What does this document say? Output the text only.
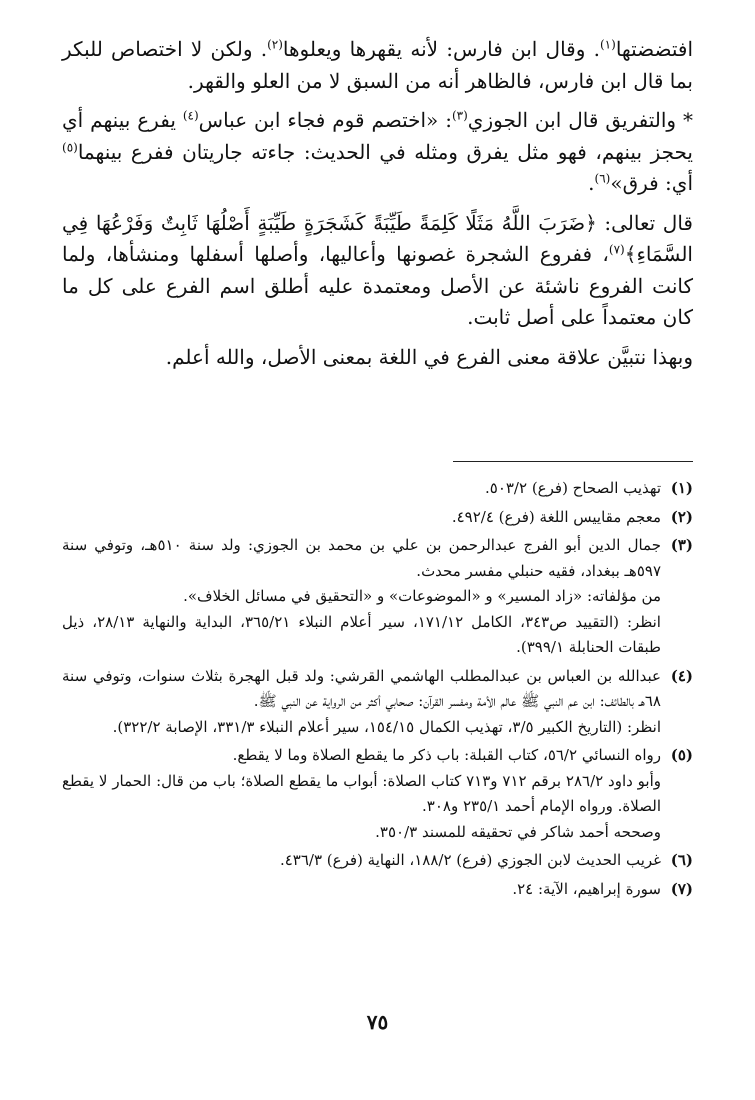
افتضضتها$^{(١)}$. وقال ابن فارس: لأنه يقهرها ويعلوها$^{(٢)}$. ولكن لا اختصاص للبكر بما قال ابن فارس، فالظاهر أنه من السبق لا من العلو والقهر.

* والتفريق قال ابن الجوزي$^{(٣)}$: «اختصم قوم فجاء ابن عباس$^{(٤)}$ يفرع بينهم أي يحجز بينهم، فهو مثل يفرق ومثله في الحديث: جاءته جاريتان ففرع بينهما$^{(٥)}$ أي: فرق»$^{(٦)}$.

قال تعالى: ﴿ضَرَبَ اللَّهُ مَثَلًا كَلِمَةً طَيِّبَةً كَشَجَرَةٍ طَيِّبَةٍ أَصْلُهَا ثَابِتٌ وَفَرْعُهَا فِي السَّمَاءِ﴾$^{(٧)}$، ففروع الشجرة غصونها وأعاليها، وأصلها أسفلها ومنشأها، ولما كانت الفروع ناشئة عن الأصل ومعتمدة عليه أطلق اسم الفرع على كل ما كان معتمداً على أصل ثابت.

وبهذا نتبيَّن علاقة معنى الفرع في اللغة بمعنى الأصل، والله أعلم.

(١)
تهذيب الصحاح (فرع) ٥٠٣/٢.
(٢)
معجم مقاييس اللغة (فرع) ٤٩٢/٤.
(٣)
جمال الدين أبو الفرج عبدالرحمن بن علي بن محمد بن الجوزي: ولد سنة ٥١٠هـ، وتوفي سنة ٥٩٧هـ ببغداد، فقيه حنبلي مفسر محدث.
من مؤلفاته: «زاد المسير» و «الموضوعات» و «التحقيق في مسائل الخلاف».
انظر: (التقييد ص٣٤٣، الكامل ١٧١/١٢، سير أعلام النبلاء ٣٦٥/٢١، البداية والنهاية ٢٨/١٣، ذيل طبقات الحنابلة ٣٩٩/١).
(٤)
عبدالله بن العباس بن عبدالمطلب الهاشمي القرشي: ولد قبل الهجرة بثلاث سنوات، وتوفي سنة ٦٨هـ بالطائف: ابن عم النبي ﷺ عالم الأمة ومفسر القرآن: صحابي أكثر من الرواية عن النبي ﷺ.
انظر: (التاريخ الكبير ٣/٥، تهذيب الكمال ١٥٤/١٥، سير أعلام النبلاء ٣٣١/٣، الإصابة ٣٢٢/٢).
(٥)
رواه النسائي ٥٦/٢، كتاب القبلة: باب ذكر ما يقطع الصلاة وما لا يقطع.
وأبو داود ٢٨٦/٢ برقم ٧١٢ و٧١٣ كتاب الصلاة: أبواب ما يقطع الصلاة؛ باب من قال: الحمار لا يقطع الصلاة. ورواه الإمام أحمد ٢٣٥/١ و٣٠٨.
وصححه أحمد شاكر في تحقيقه للمسند ٣٥٠/٣.
(٦)
غريب الحديث لابن الجوزي (فرع) ١٨٨/٢، النهاية (فرع) ٤٣٦/٣.
(٧)
سورة إبراهيم، الآية: ٢٤.
٧٥
